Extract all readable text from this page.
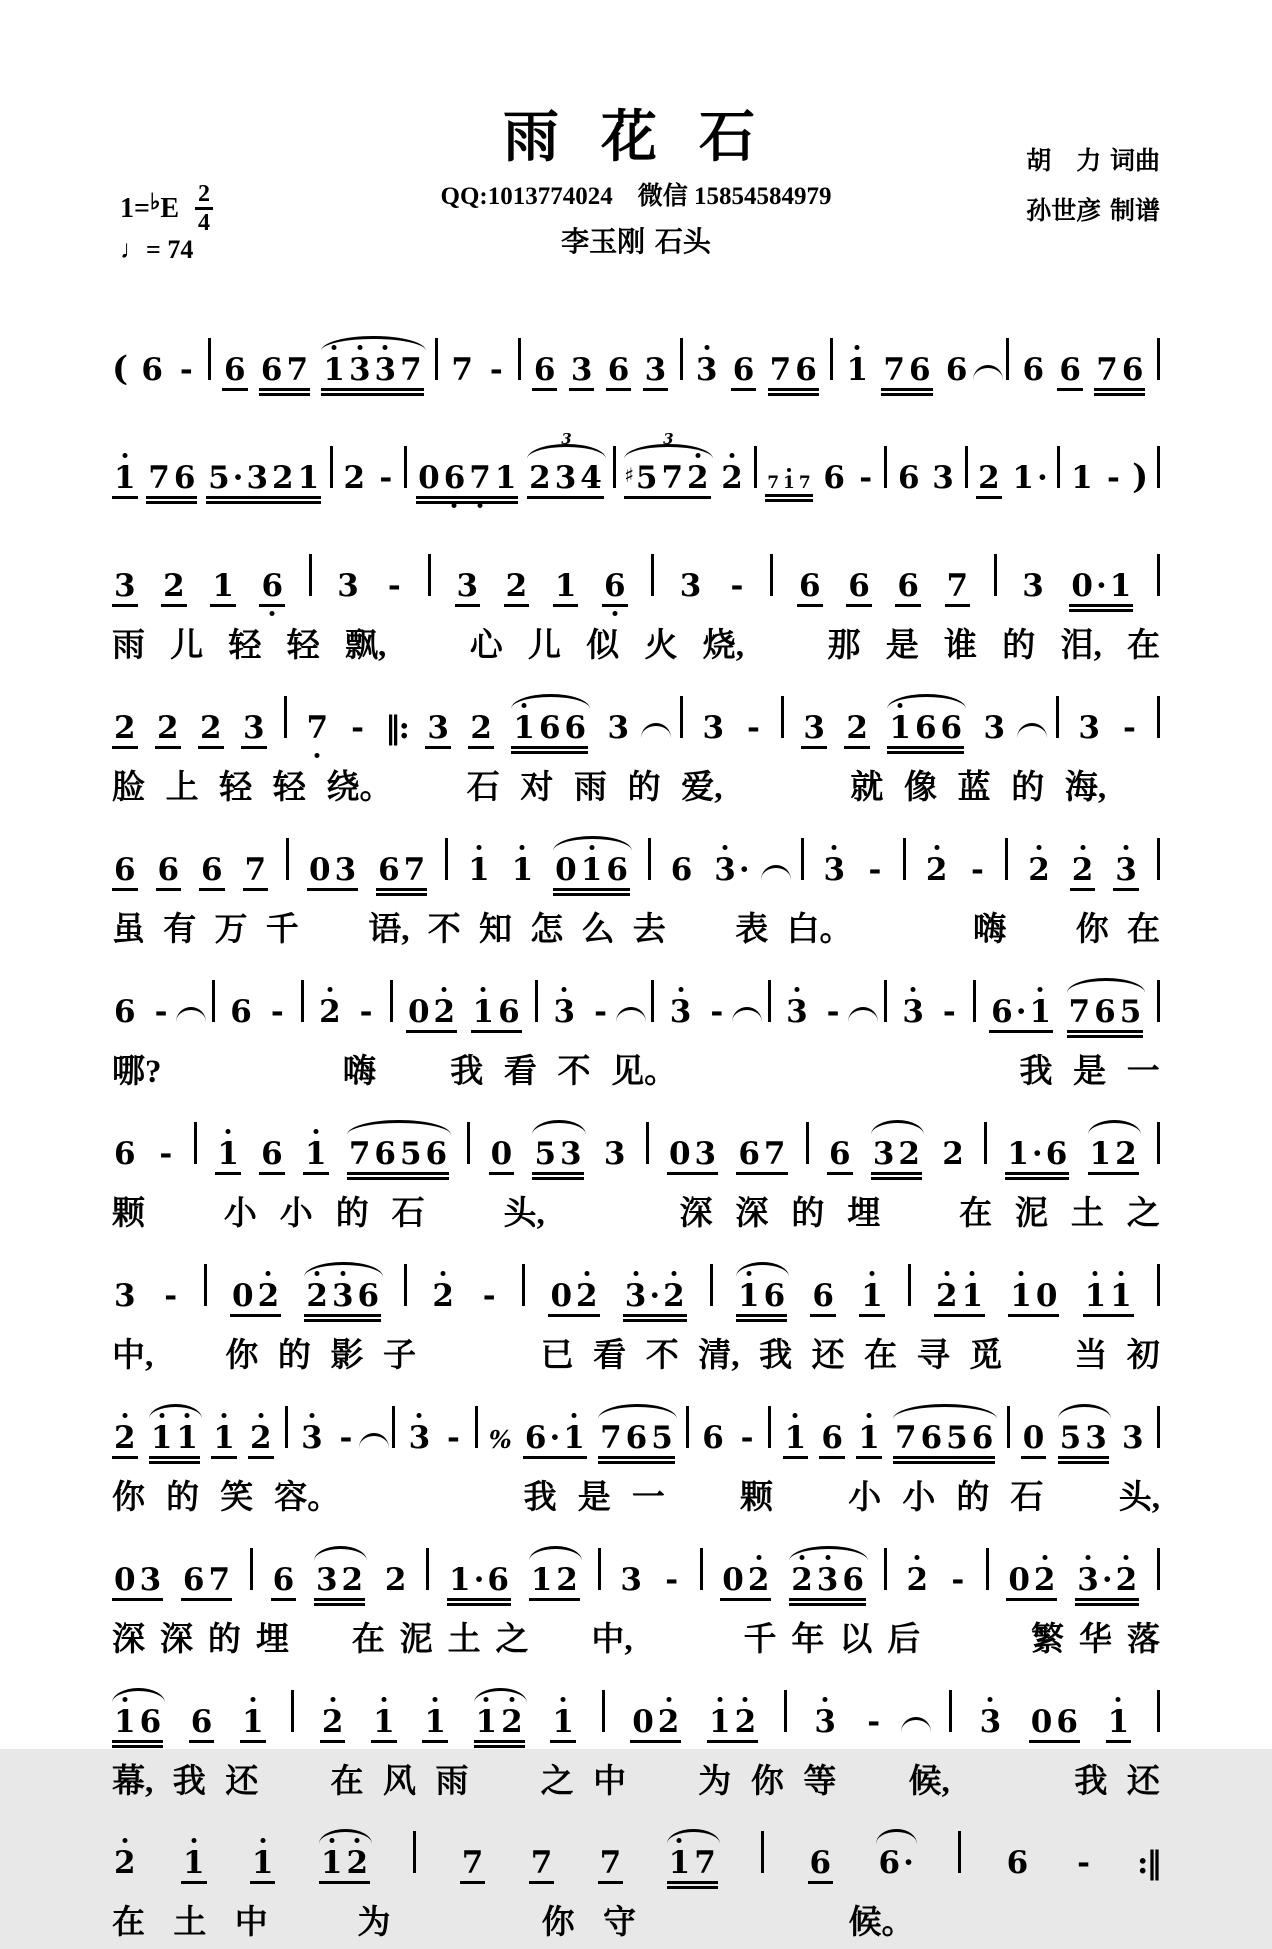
雨 花 石	胡　力 词曲
孙世彦 制谱
QQ:1013774024　微信 15854584979
李玉刚 石头
1= ♭ E $\frac{2}{4}$
♩= 74
( 6 - 6 6 7 1 3 3 7 7 - 6 3 6 3 3 6 7 6 1 7 6 6 6 6 7 6
1 7 6 5·3 2 1 2 - 0 6 7 1
3
2 3 4
3
♯5 7 2 2 7 1 7 6 - 6 3 2 1· 1 - )
3 2 1 6 3 - 3 2 1 6 3 - 6 6 6 7 3 0·1
雨 儿 轻 轻 飘,
　	心 儿 似 火 烧,
　	那 是 谁 的 泪, 在
2 2 2 3 7 - ‖: 3 2 1 6 6 3 3 - 3 2 1 6 6 3 3 -
脸 上 轻 轻 绕。
　 石 对 雨 的 爱,

　	就 像 蓝 的 海,

6 6 6 7 0 3 6 7 1 1 0 1 6 6 3· 3 - 2 - 2 2 3
虽 有 万 千
　 语, 不 知 怎 么 去
　 表 白。

　	嗨
　 你 在
6 - 6 - 2 - 0 2 1 6 3 - 3 - 3 - 3 - 6·1 7 6 5
哪?

　	嗨
　 我 看 不 见。

　	我 是 一
6 - 1 6 1 7 6 5 6 0 5 3 3 0 3 6 7 6 3 2 2 1·6 1 2
颗
　 小 小 的 石
　 头,

　	深 深 的 埋
　 在 泥 土 之
3 - 0 2 2 3 6 2 - 0 2 3·2 1 6 6 1 2 1 1 0 1 1
中,
　 你 的 影 子

　	已 看 不 清, 我 还 在 寻 觅
　 当 初
2 1 1 1 2 3 - 3 - % 6·1 7 6 5 6 - 1 6 1 7 6 5 6 0 5 3 3
你 的 笑 容。

　	我 是 一
　 颗
　 小 小 的 石
　 头,
0 3 6 7 6 3 2 2 1·6 1 2 3 - 0 2 2 3 6 2 - 0 2 3·2
深 深 的 埋
　 在 泥 土 之
　 中,

　	千 年 以 后

　	繁 华 落
1 6 6 1 2 1 1 1 2 1 0 2 1 2 3 -	3 0 6 1
幕, 我 还
　 在 风 雨
　 之 中
　 为 你 等
　 候,

　	我 还
2 1 1 1 2	7 7 7 1 7	6 6·	6 - :‖
在 土 中
　	为

　	你 守

　	候。
